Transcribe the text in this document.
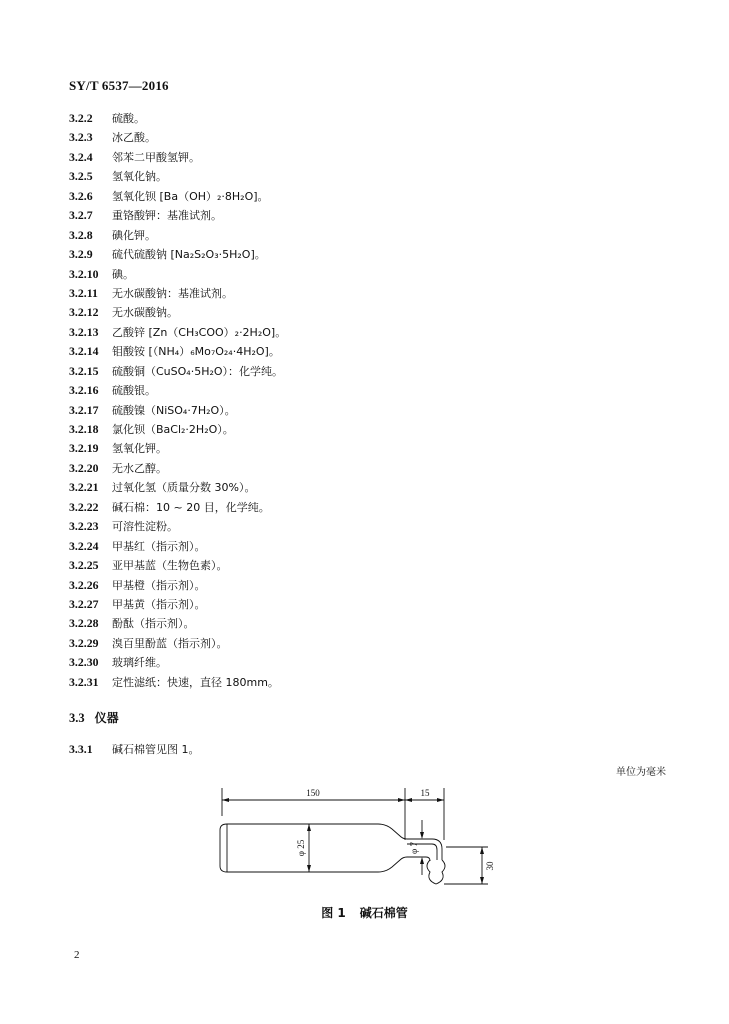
SY/T 6537—2016
3.2.2 硫酸。
3.2.3 冰乙酸。
3.2.4 邻苯二甲酸氢钾。
3.2.5 氢氧化钠。
3.2.6 氢氧化钡 [Ba（OH）₂·8H₂O]。
3.2.7 重铬酸钾：基准试剂。
3.2.8 碘化钾。
3.2.9 硫代硫酸钠 [Na₂S₂O₃·5H₂O]。
3.2.10 碘。
3.2.11 无水碳酸钠：基准试剂。
3.2.12 无水碳酸钠。
3.2.13 乙酸锌 [Zn（CH₃COO）₂·2H₂O]。
3.2.14 钼酸铵 [（NH₄）₆Mo₇O₂₄·4H₂O]。
3.2.15 硫酸铜（CuSO₄·5H₂O）：化学纯。
3.2.16 硫酸银。
3.2.17 硫酸镍（NiSO₄·7H₂O）。
3.2.18 氯化钡（BaCl₂·2H₂O）。
3.2.19 氢氧化钾。
3.2.20 无水乙醇。
3.2.21 过氧化氢（质量分数 30%）。
3.2.22 碱石棉：10 ~ 20 目，化学纯。
3.2.23 可溶性淀粉。
3.2.24 甲基红（指示剂）。
3.2.25 亚甲基蓝（生物色素）。
3.2.26 甲基橙（指示剂）。
3.2.27 甲基黄（指示剂）。
3.2.28 酚酞（指示剂）。
3.2.29 溴百里酚蓝（指示剂）。
3.2.30 玻璃纤维。
3.2.31 定性滤纸：快速，直径 180mm。
3.3 仪器
3.3.1 碱石棉管见图 1。
单位为毫米
150	15
φ 25	φ 7
30
图 1 碱石棉管
2
